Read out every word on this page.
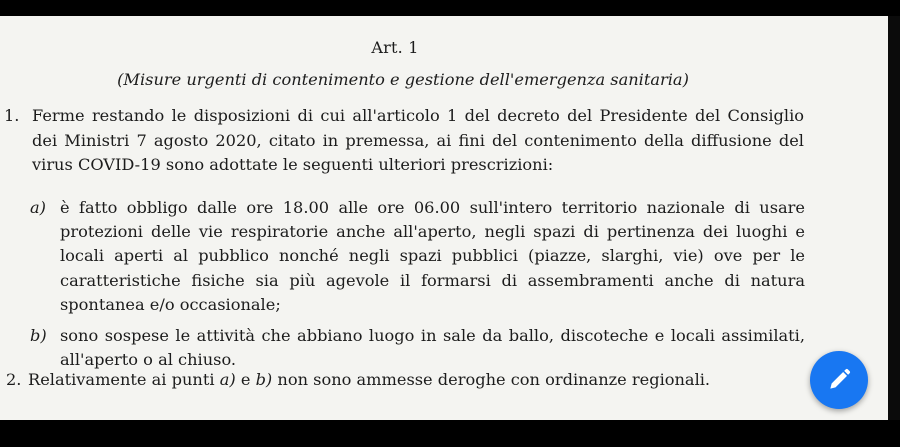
Art. 1
(Misure urgenti di contenimento e gestione dell'emergenza sanitaria)
1. Ferme restando le disposizioni di cui all'articolo 1 del decreto del Presidente del Consiglio dei Ministri 7 agosto 2020, citato in premessa, ai fini del contenimento della diffusione del virus COVID-19 sono adottate le seguenti ulteriori prescrizioni:
a) è fatto obbligo dalle ore 18.00 alle ore 06.00 sull'intero territorio nazionale di usare protezioni delle vie respiratorie anche all'aperto, negli spazi di pertinenza dei luoghi e locali aperti al pubblico nonché negli spazi pubblici (piazze, slarghi, vie) ove per le caratteristiche fisiche sia più agevole il formarsi di assembramenti anche di natura spontanea e/o occasionale;
b) sono sospese le attività che abbiano luogo in sale da ballo, discoteche e locali assimilati, all'aperto o al chiuso.
2. Relativamente ai punti a) e b) non sono ammesse deroghe con ordinanze regionali.
